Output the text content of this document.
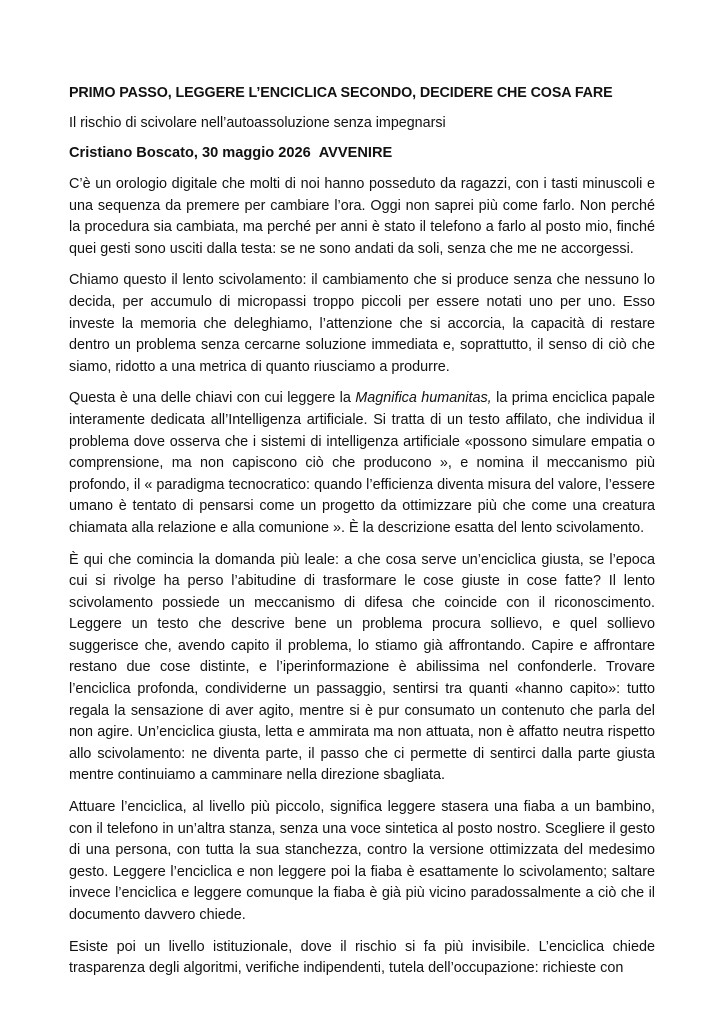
PRIMO PASSO, LEGGERE L’ENCICLICA SECONDO, DECIDERE CHE COSA FARE

Il rischio di scivolare nell’autoassoluzione senza impegnarsi

Cristiano Boscato, 30 maggio 2026 AVVENIRE

C’è un orologio digitale che molti di noi hanno posseduto da ragazzi, con i tasti minuscoli e una sequenza da premere per cambiare l’ora. Oggi non saprei più come farlo. Non perché la procedura sia cambiata, ma perché per anni è stato il telefono a farlo al posto mio, finché quei gesti sono usciti dalla testa: se ne sono andati da soli, senza che me ne accorgessi.

Chiamo questo il lento scivolamento: il cambiamento che si produce senza che nessuno lo decida, per accumulo di micropassi troppo piccoli per essere notati uno per uno. Esso investe la memoria che deleghiamo, l’attenzione che si accorcia, la capacità di restare dentro un problema senza cercarne soluzione immediata e, soprattutto, il senso di ciò che siamo, ridotto a una metrica di quanto riusciamo a produrre.

Questa è una delle chiavi con cui leggere la Magnifica humanitas, la prima enciclica papale interamente dedicata all’Intelligenza artificiale. Si tratta di un testo affilato, che individua il problema dove osserva che i sistemi di intelligenza artificiale «possono simulare empatia o comprensione, ma non capiscono ciò che producono », e nomina il meccanismo più profondo, il « paradigma tecnocratico: quando l’efficienza diventa misura del valore, l’essere umano è tentato di pensarsi come un progetto da ottimizzare più che come una creatura chiamata alla relazione e alla comunione ». È la descrizione esatta del lento scivolamento.

È qui che comincia la domanda più leale: a che cosa serve un’enciclica giusta, se l’epoca cui si rivolge ha perso l’abitudine di trasformare le cose giuste in cose fatte? Il lento scivolamento possiede un meccanismo di difesa che coincide con il riconoscimento. Leggere un testo che descrive bene un problema procura sollievo, e quel sollievo suggerisce che, avendo capito il problema, lo stiamo già affrontando. Capire e affrontare restano due cose distinte, e l’iperinformazione è abilissima nel confonderle. Trovare l’enciclica profonda, condividerne un passaggio, sentirsi tra quanti «hanno capito»: tutto regala la sensazione di aver agito, mentre si è pur consumato un contenuto che parla del non agire. Un’enciclica giusta, letta e ammirata ma non attuata, non è affatto neutra rispetto allo scivolamento: ne diventa parte, il passo che ci permette di sentirci dalla parte giusta mentre continuiamo a camminare nella direzione sbagliata.

Attuare l’enciclica, al livello più piccolo, significa leggere stasera una fiaba a un bambino, con il telefono in un’altra stanza, senza una voce sintetica al posto nostro. Scegliere il gesto di una persona, con tutta la sua stanchezza, contro la versione ottimizzata del medesimo gesto. Leggere l’enciclica e non leggere poi la fiaba è esattamente lo scivolamento; saltare invece l’enciclica e leggere comunque la fiaba è già più vicino paradossalmente a ciò che il documento davvero chiede.

Esiste poi un livello istituzionale, dove il rischio si fa più invisibile. L’enciclica chiede trasparenza degli algoritmi, verifiche indipendenti, tutela dell’occupazione: richieste con
